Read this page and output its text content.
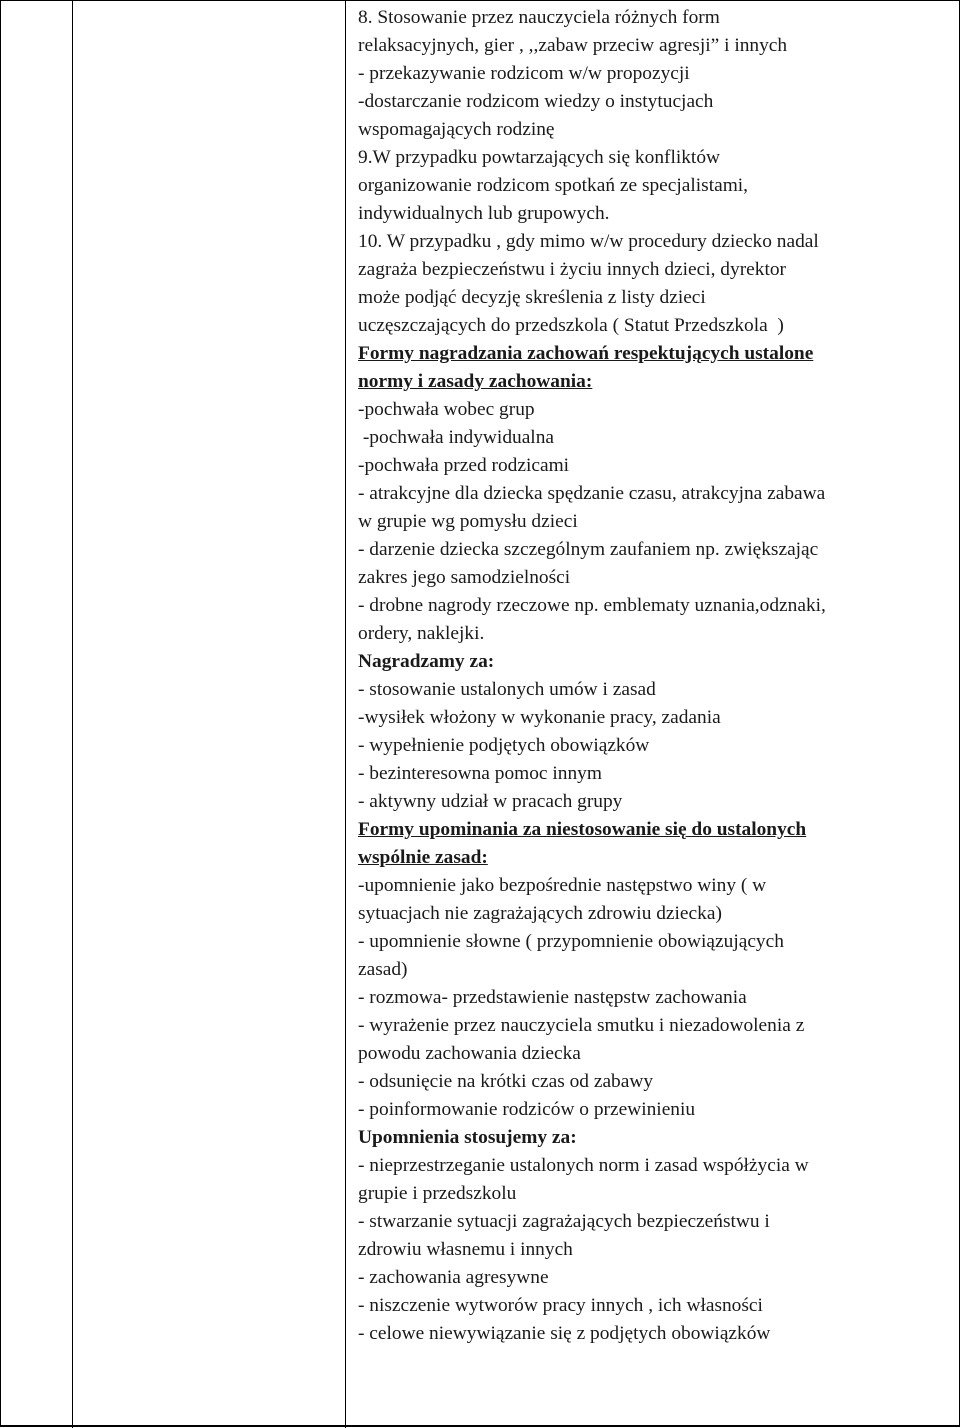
8. Stosowanie przez nauczyciela różnych form
relaksacyjnych, gier , ,,zabaw przeciw agresji” i innych
- przekazywanie rodzicom w/w propozycji
-dostarczanie rodzicom wiedzy o instytucjach
wspomagających rodzinę
9.W przypadku powtarzających się konfliktów
organizowanie rodzicom spotkań ze specjalistami,
indywidualnych lub grupowych.
10. W przypadku , gdy mimo w/w procedury dziecko nadal
zagraża bezpieczeństwu i życiu innych dzieci, dyrektor
może podjąć decyzję skreślenia z listy dzieci
uczęszczających do przedszkola ( Statut Przedszkola  )
Formy nagradzania zachowań respektujących ustalone
normy i zasady zachowania:
-pochwała wobec grup
-pochwała indywidualna
-pochwała przed rodzicami
- atrakcyjne dla dziecka spędzanie czasu, atrakcyjna zabawa
w grupie wg pomysłu dzieci
- darzenie dziecka szczególnym zaufaniem np. zwiększając
zakres jego samodzielności
- drobne nagrody rzeczowe np. emblematy uznania,odznaki,
ordery, naklejki.
Nagradzamy za:
- stosowanie ustalonych umów i zasad
-wysiłek włożony w wykonanie pracy, zadania
- wypełnienie podjętych obowiązków
- bezinteresowna pomoc innym
- aktywny udział w pracach grupy
Formy upominania za niestosowanie się do ustalonych
wspólnie zasad:
-upomnienie jako bezpośrednie następstwo winy ( w
sytuacjach nie zagrażających zdrowiu dziecka)
- upomnienie słowne ( przypomnienie obowiązujących
zasad)
- rozmowa- przedstawienie następstw zachowania
- wyrażenie przez nauczyciela smutku i niezadowolenia z
powodu zachowania dziecka
- odsunięcie na krótki czas od zabawy
- poinformowanie rodziców o przewinieniu
Upomnienia stosujemy za:
- nieprzestrzeganie ustalonych norm i zasad współżycia w
grupie i przedszkolu
- stwarzanie sytuacji zagrażających bezpieczeństwu i
zdrowiu własnemu i innych
- zachowania agresywne
- niszczenie wytworów pracy innych , ich własności
- celowe niewywiązanie się z podjętych obowiązków
